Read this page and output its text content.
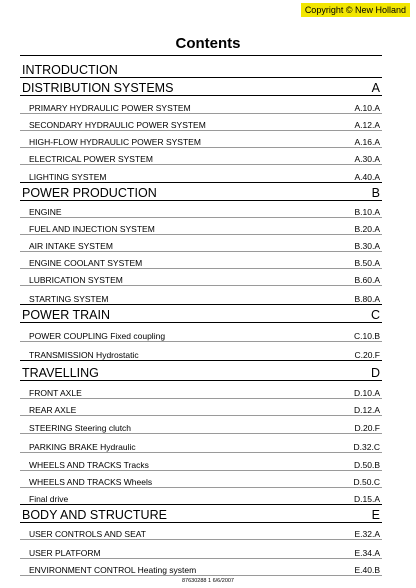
Copyright © New Holland
Contents
INTRODUCTION
DISTRIBUTION SYSTEMS	A
PRIMARY HYDRAULIC POWER SYSTEM	A.10.A
SECONDARY HYDRAULIC POWER SYSTEM	A.12.A
HIGH-FLOW HYDRAULIC POWER SYSTEM	A.16.A
ELECTRICAL POWER SYSTEM	A.30.A
LIGHTING SYSTEM	A.40.A
POWER PRODUCTION	B
ENGINE	B.10.A
FUEL AND INJECTION SYSTEM	B.20.A
AIR INTAKE SYSTEM	B.30.A
ENGINE COOLANT SYSTEM	B.50.A
LUBRICATION SYSTEM	B.60.A
STARTING SYSTEM	B.80.A
POWER TRAIN	C
POWER COUPLING Fixed coupling	C.10.B
TRANSMISSION Hydrostatic	C.20.F
TRAVELLING	D
FRONT AXLE	D.10.A
REAR AXLE	D.12.A
STEERING Steering clutch	D.20.F
PARKING BRAKE Hydraulic	D.32.C
WHEELS AND TRACKS Tracks	D.50.B
WHEELS AND TRACKS Wheels	D.50.C
Final drive	D.15.A
BODY AND STRUCTURE	E
USER CONTROLS AND SEAT	E.32.A
USER PLATFORM	E.34.A
ENVIRONMENT CONTROL Heating system	E.40.B
87630288 1 6/6/2007
